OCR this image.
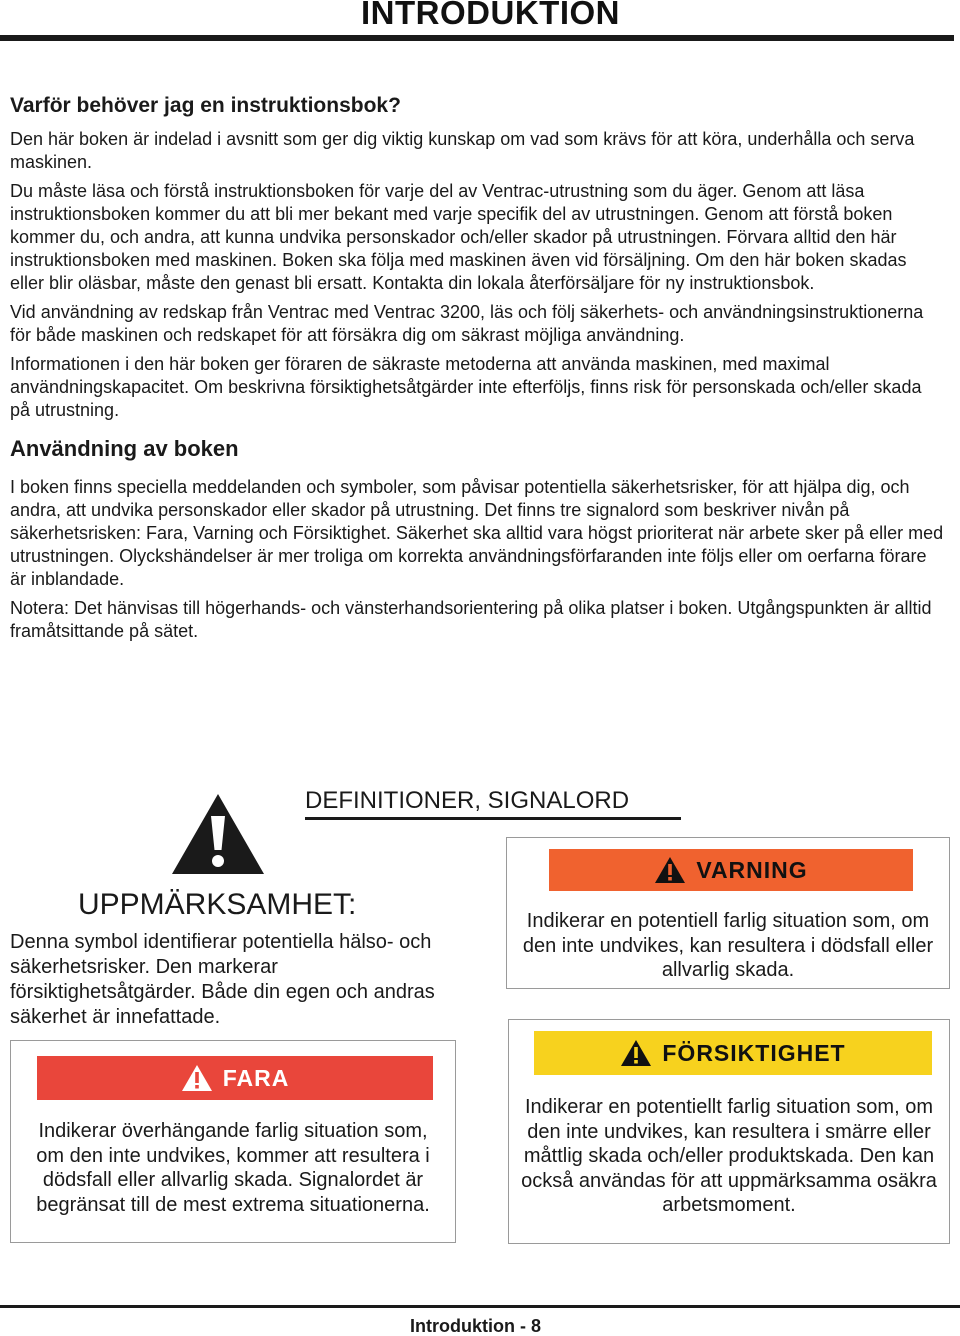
INTRODUKTION
Varför behöver jag en instruktionsbok?
Den här boken är indelad i avsnitt som ger dig viktig kunskap om vad som krävs för att köra, underhålla och serva maskinen.
Du måste läsa och förstå instruktionsboken för varje del av Ventrac-utrustning som du äger. Genom att läsa instruktionsboken kommer du att bli mer bekant med varje specifik del av utrustningen. Genom att förstå boken kommer du, och andra, att kunna undvika personskador och/eller skador på utrustningen. Förvara alltid den här instruktionsboken med maskinen. Boken ska följa med maskinen även vid försäljning. Om den här boken skadas eller blir oläsbar, måste den genast bli ersatt. Kontakta din lokala återförsäljare för ny instruktionsbok.
Vid användning av redskap från Ventrac med Ventrac 3200, läs och följ säkerhets- och användningsinstruktionerna för både maskinen och redskapet för att försäkra dig om säkrast möjliga användning.
Informationen i den här boken ger föraren de säkraste metoderna att använda maskinen, med maximal användningskapacitet. Om beskrivna försiktighetsåtgärder inte efterföljs, finns risk för personskada och/eller skada på utrustning.
Användning av boken
I boken finns speciella meddelanden och symboler, som påvisar potentiella säkerhetsrisker, för att hjälpa dig, och andra, att undvika personskador eller skador på utrustning. Det finns tre signalord som beskriver nivån på säkerhetsrisken: Fara, Varning och Försiktighet. Säkerhet ska alltid vara högst prioriterat när arbete sker på eller med utrustningen. Olyckshändelser är mer troliga om korrekta användningsförfaranden inte följs eller om oerfarna förare är inblandade.
Notera: Det hänvisas till högerhands- och vänsterhandsorientering på olika platser i boken. Utgångspunkten är alltid framåtsittande på sätet.
UPPMÄRKSAMHET:
Denna symbol identifierar potentiella hälso- och säkerhetsrisker. Den markerar försiktighetsåtgärder. Både din egen och andras säkerhet är innefattade.
DEFINITIONER, SIGNALORD
VARNING
Indikerar en potentiell farlig situation som, om den inte undvikes, kan resultera i dödsfall eller allvarlig skada.
FÖRSIKTIGHET
Indikerar en potentiellt farlig situation som, om den inte undvikes, kan resultera i smärre eller måttlig skada och/eller produktskada. Den kan också användas för att uppmärksamma osäkra arbetsmoment.
FARA
Indikerar överhängande farlig situation som, om den inte undvikes, kommer att resultera i dödsfall eller allvarlig skada. Signalordet är begränsat till de mest extrema situationerna.
Introduktion - 8
